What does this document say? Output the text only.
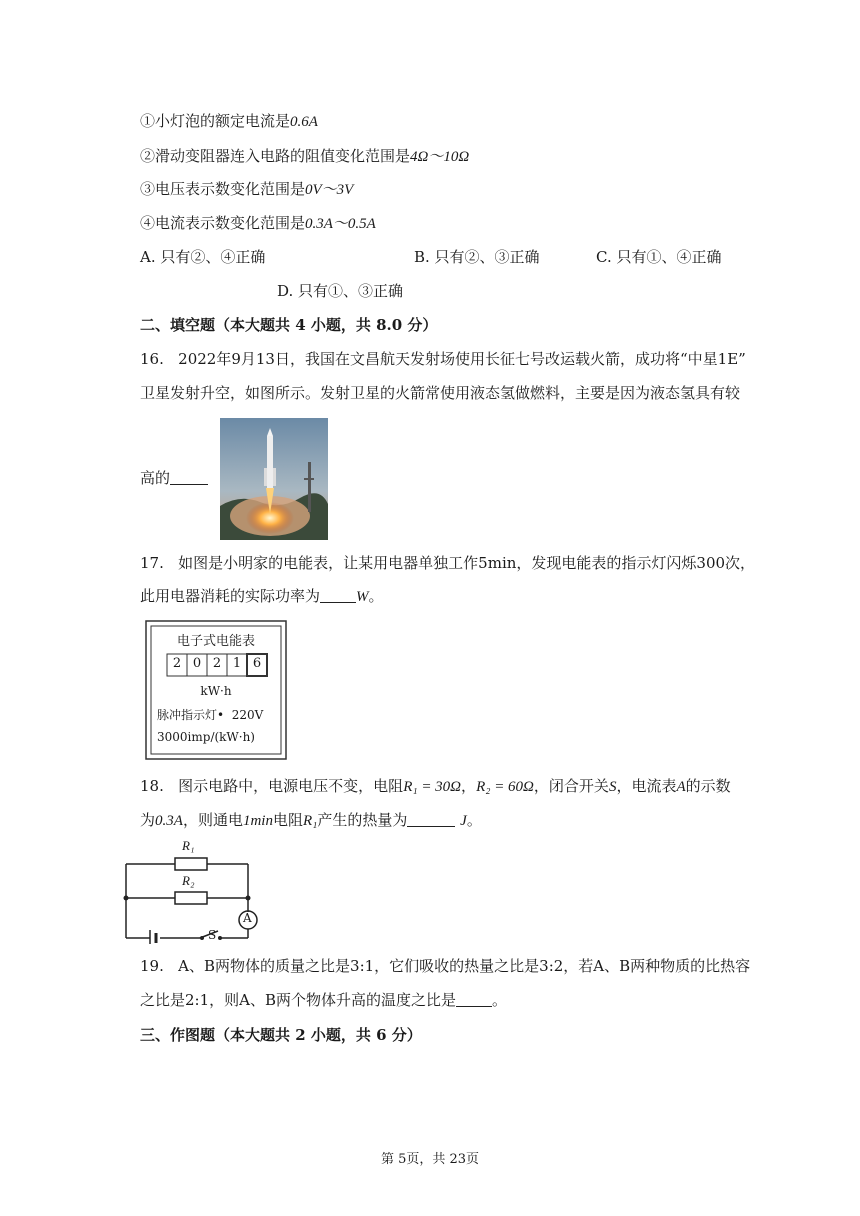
①小灯泡的额定电流是0.6A
②滑动变阻器连入电路的阻值变化范围是4Ω～10Ω
③电压表示数变化范围是0V～3V
④电流表示数变化范围是0.3A～0.5A
A. 只有②、④正确	B. 只有②、③正确	C. 只有①、④正确
D. 只有①、③正确
二、填空题（本大题共 4 小题，共 8.0 分）
16. 2022年9月13日，我国在文昌航天发射场使用长征七号改运载火箭，成功将“中星1E”
卫星发射升空，如图所示。发射卫星的火箭常使用液态氢做燃料，主要是因为液态氢具有较
高的
17. 如图是小明家的电能表，让某用电器单独工作5min，发现电能表的指示灯闪烁300次，
此用电器消耗的实际功率为 W。
电子式电能表
2 0 2 1 6
kW·h
脉冲指示灯• 220V
3000imp/(kW·h)
18. 图示电路中，电源电压不变，电阻R₁ = 30Ω，R₂ = 60Ω，闭合开关S，电流表A的示数
为0.3A，则通电1min电阻R₁产生的热量为	J。
R₁
R₂
A
S
19. A、B两物体的质量之比是3:1，它们吸收的热量之比是3:2，若A、B两种物质的比热容
之比是2:1，则A、B两个物体升高的温度之比是 。
三、作图题（本大题共 2 小题，共 6 分）
第 5页，共 23页
